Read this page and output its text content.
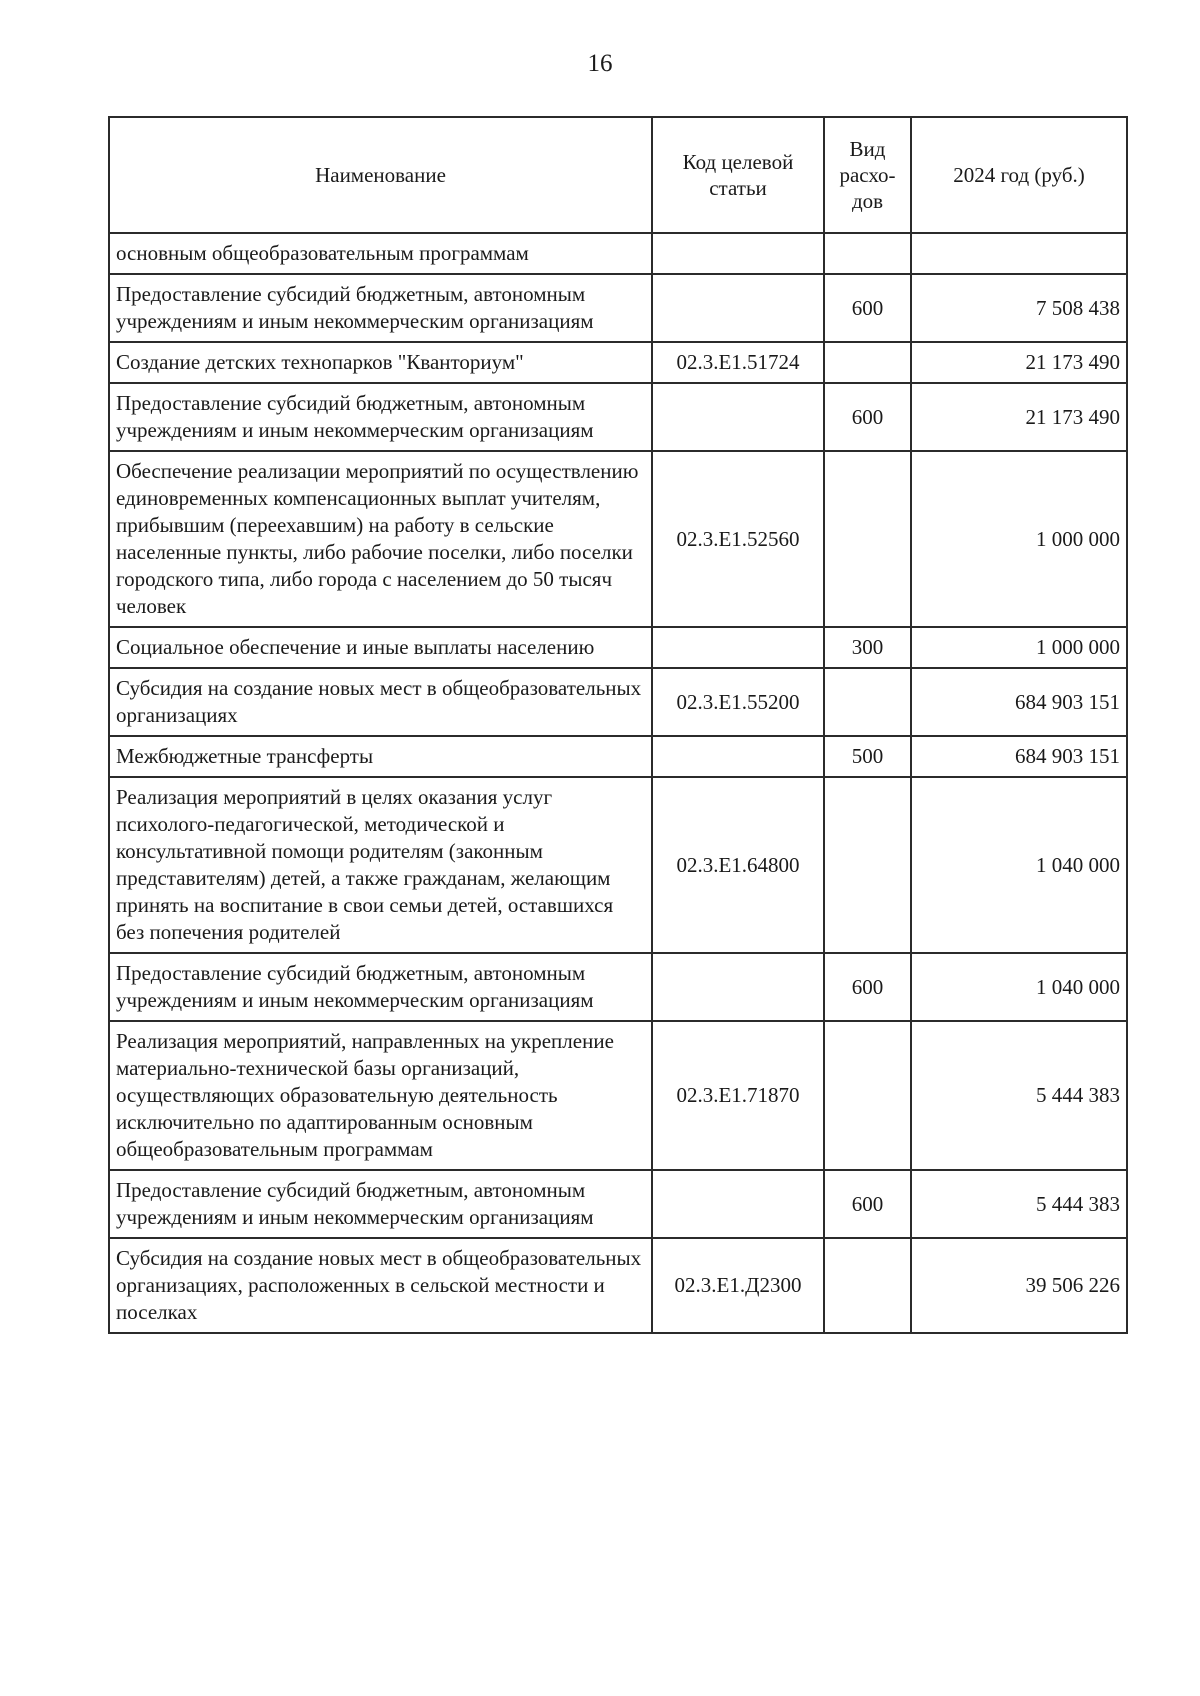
16
Наименование	Код целевой статьи	Вид расхо-дов	2024 год (руб.)
основным общеобразовательным программам			
Предоставление субсидий бюджетным, автономным учреждениям и иным некоммерческим организациям		600	7 508 438
Создание детских технопарков "Кванториум"	02.3.E1.51724		21 173 490
Предоставление субсидий бюджетным, автономным учреждениям и иным некоммерческим организациям		600	21 173 490
Обеспечение реализации мероприятий по осуществлению единовременных компенсационных выплат учителям, прибывшим (переехавшим) на работу в сельские населенные пункты, либо рабочие поселки, либо поселки городского типа, либо города с населением до 50 тысяч человек	02.3.E1.52560		1 000 000
Социальное обеспечение и иные выплаты населению		300	1 000 000
Субсидия на создание новых мест в общеобразовательных организациях	02.3.E1.55200		684 903 151
Межбюджетные трансферты		500	684 903 151
Реализация мероприятий в целях оказания услуг психолого-педагогической, методической и консультативной помощи родителям (законным представителям) детей, а также гражданам, желающим принять на воспитание в свои семьи детей, оставшихся без попечения родителей	02.3.E1.64800		1 040 000
Предоставление субсидий бюджетным, автономным учреждениям и иным некоммерческим организациям		600	1 040 000
Реализация мероприятий, направленных на укрепление материально-технической базы организаций, осуществляющих образовательную деятельность исключительно по адаптированным основным общеобразовательным программам	02.3.E1.71870		5 444 383
Предоставление субсидий бюджетным, автономным учреждениям и иным некоммерческим организациям		600	5 444 383
Субсидия на создание новых мест в общеобразовательных организациях, расположенных в сельской местности и поселках	02.3.E1.Д2300		39 506 226
